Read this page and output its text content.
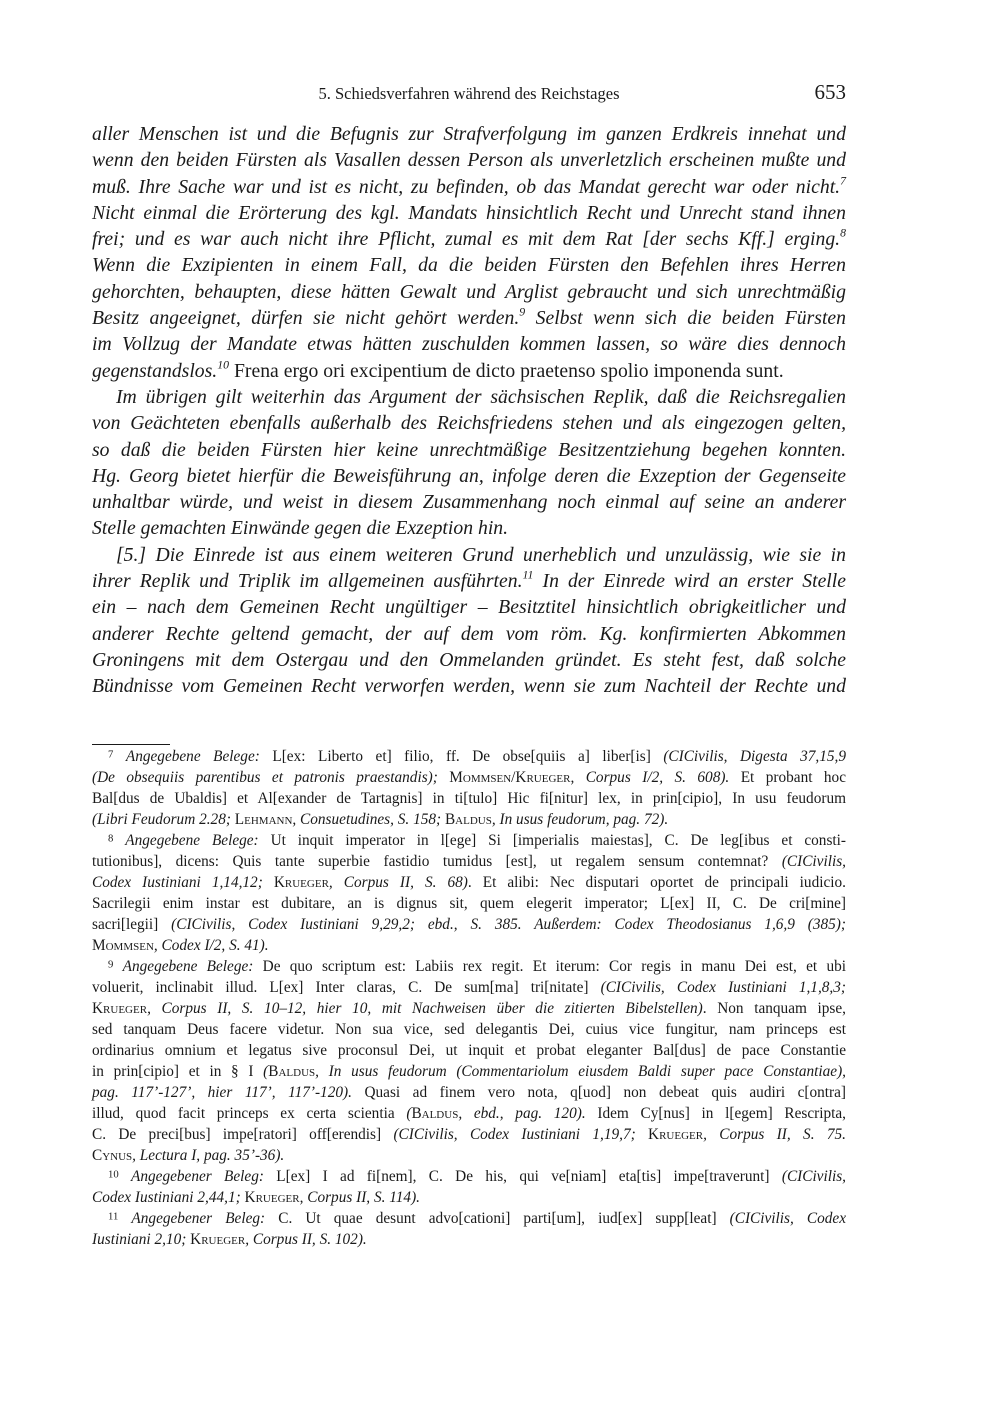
5. Schiedsverfahren während des Reichstages	653

aller Menschen ist und die Befugnis zur Strafverfolgung im ganzen Erdkreis innehat und
wenn den beiden Fürsten als Vasallen dessen Person als unverletzlich erscheinen mußte und
muß. Ihre Sache war und ist es nicht, zu befinden, ob das Mandat gerecht war oder nicht.$^7$
Nicht einmal die Erörterung des kgl. Mandats hinsichtlich Recht und Unrecht stand ihnen
frei; und es war auch nicht ihre Pflicht, zumal es mit dem Rat [der sechs Kff.] erging.$^8$
Wenn die Exzipienten in einem Fall, da die beiden Fürsten den Befehlen ihres Herren
gehorchten, behaupten, diese hätten Gewalt und Arglist gebraucht und sich unrechtmäßig
Besitz angeeignet, dürfen sie nicht gehört werden.$^9$ Selbst wenn sich die beiden Fürsten
im Vollzug der Mandate etwas hätten zuschulden kommen lassen, so wäre dies dennoch
gegenstandslos.$^{10}$ Frena ergo ori excipentium de dicto praetenso spolio imponenda sunt.

Im übrigen gilt weiterhin das Argument der sächsischen Replik, daß die Reichsregalien
von Geächteten ebenfalls außerhalb des Reichsfriedens stehen und als eingezogen gelten,
so daß die beiden Fürsten hier keine unrechtmäßige Besitzentziehung begehen konnten.
Hg. Georg bietet hierfür die Beweisführung an, infolge deren die Exzeption der Gegenseite
unhaltbar würde, und weist in diesem Zusammenhang noch einmal auf seine an anderer
Stelle gemachten Einwände gegen die Exzeption hin.

[5.] Die Einrede ist aus einem weiteren Grund unerheblich und unzulässig, wie sie in
ihrer Replik und Triplik im allgemeinen ausführten.$^{11}$ In der Einrede wird an erster Stelle
ein – nach dem Gemeinen Recht ungültiger – Besitztitel hinsichtlich obrigkeitlicher und
anderer Rechte geltend gemacht, der auf dem vom röm. Kg. konfirmierten Abkommen
Groningens mit dem Ostergau und den Ommelanden gründet. Es steht fest, daß solche
Bündnisse vom Gemeinen Recht verworfen werden, wenn sie zum Nachteil der Rechte und

$^7$ Angegebene Belege: L[ex: Liberto et] filio, ff. De obse[quiis a] liber[is] (CICivilis, Digesta 37,15,9
(De obsequiis parentibus et patronis praestandis); Mommsen/Krueger, Corpus I/2, S. 608). Et probant hoc
Bal[dus de Ubaldis] et Al[exander de Tartagnis] in ti[tulo] Hic fi[nitur] lex, in prin[cipio], In usu feudorum
(Libri Feudorum 2.28; Lehmann, Consuetudines, S. 158; Baldus, In usus feudorum, pag. 72).
$^8$ Angegebene Belege: Ut inquit imperator in l[ege] Si [imperialis maiestas], C. De leg[ibus et consti-
tutionibus], dicens: Quis tante superbie fastidio tumidus [est], ut regalem sensum contemnat? (CICivilis,
Codex Iustiniani 1,14,12; Krueger, Corpus II, S. 68). Et alibi: Nec disputari oportet de principali iudicio.
Sacrilegii enim instar est dubitare, an is dignus sit, quem elegerit imperator; L[ex] II, C. De cri[mine]
sacri[legii] (CICivilis, Codex Iustiniani 9,29,2; ebd., S. 385. Außerdem: Codex Theodosianus 1,6,9 (385);
Mommsen, Codex I/2, S. 41).
$^9$ Angegebene Belege: De quo scriptum est: Labiis rex regit. Et iterum: Cor regis in manu Dei est, et ubi
voluerit, inclinabit illud. L[ex] Inter claras, C. De sum[ma] tri[nitate] (CICivilis, Codex Iustiniani 1,1,8,3;
Krueger, Corpus II, S. 10–12, hier 10, mit Nachweisen über die zitierten Bibelstellen). Non tanquam ipse,
sed tanquam Deus facere videtur. Non sua vice, sed delegantis Dei, cuius vice fungitur, nam princeps est
ordinarius omnium et legatus sive proconsul Dei, ut inquit et probat eleganter Bal[dus] de pace Constantie
in prin[cipio] et in § I (Baldus, In usus feudorum (Commentariolum eiusdem Baldi super pace Constantiae),
pag. 117’-127’, hier 117’, 117’-120). Quasi ad finem vero nota, q[uod] non debeat quis audiri c[ontra]
illud, quod facit princeps ex certa scientia (Baldus, ebd., pag. 120). Idem Cy[nus] in l[egem] Rescripta,
C. De preci[bus] impe[ratori] off[erendis] (CICivilis, Codex Iustiniani 1,19,7; Krueger, Corpus II, S. 75.
Cynus, Lectura I, pag. 35’-36).
$^{10}$ Angegebener Beleg: L[ex] I ad fi[nem], C. De his, qui ve[niam] eta[tis] impe[traverunt] (CICivilis,
Codex Iustiniani 2,44,1; Krueger, Corpus II, S. 114).
$^{11}$ Angegebener Beleg: C. Ut quae desunt advo[cationi] parti[um], iud[ex] supp[leat] (CICivilis, Codex
Iustiniani 2,10; Krueger, Corpus II, S. 102).
